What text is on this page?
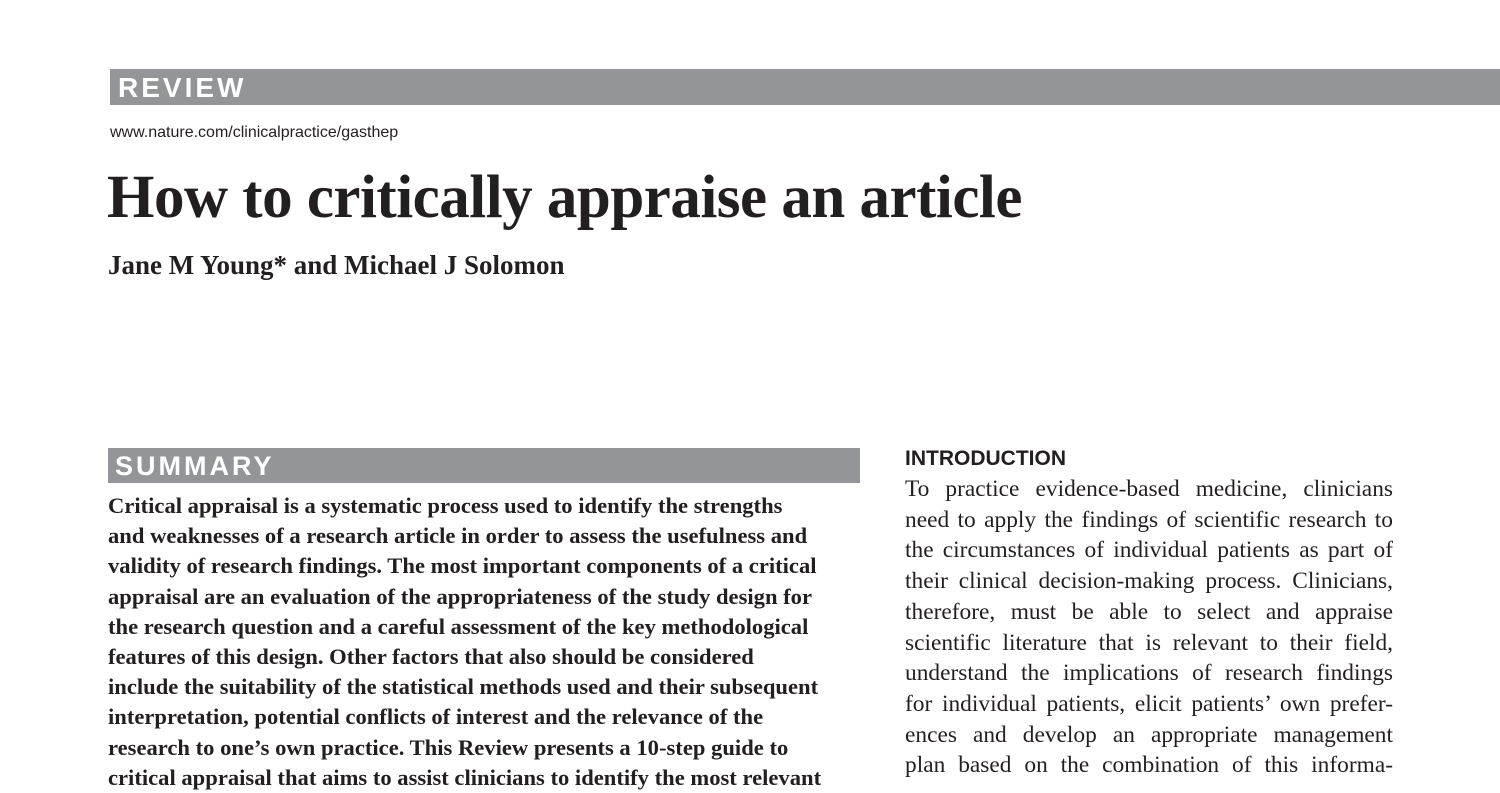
REVIEW
www.nature.com/clinicalpractice/gasthep
How to critically appraise an article
Jane M Young* and Michael J Solomon
SUMMARY
Critical appraisal is a systematic process used to identify the strengths
and weaknesses of a research article in order to assess the usefulness and
validity of research findings. The most important components of a critical
appraisal are an evaluation of the appropriateness of the study design for
the research question and a careful assessment of the key methodological
features of this design. Other factors that also should be considered
include the suitability of the statistical methods used and their subsequent
interpretation, potential conflicts of interest and the relevance of the
research to one’s own practice. This Review presents a 10-step guide to
critical appraisal that aims to assist clinicians to identify the most relevant
INTRODUCTION
To practice evidence-based medicine, clinicians
need to apply the findings of scientific research to
the circumstances of individual patients as part of
their clinical decision-making process. Clinicians,
therefore, must be able to select and appraise
scientific literature that is relevant to their field,
understand the implications of research findings
for individual patients, elicit patients’ own prefer-
ences and develop an appropriate management
plan based on the combination of this informa-
